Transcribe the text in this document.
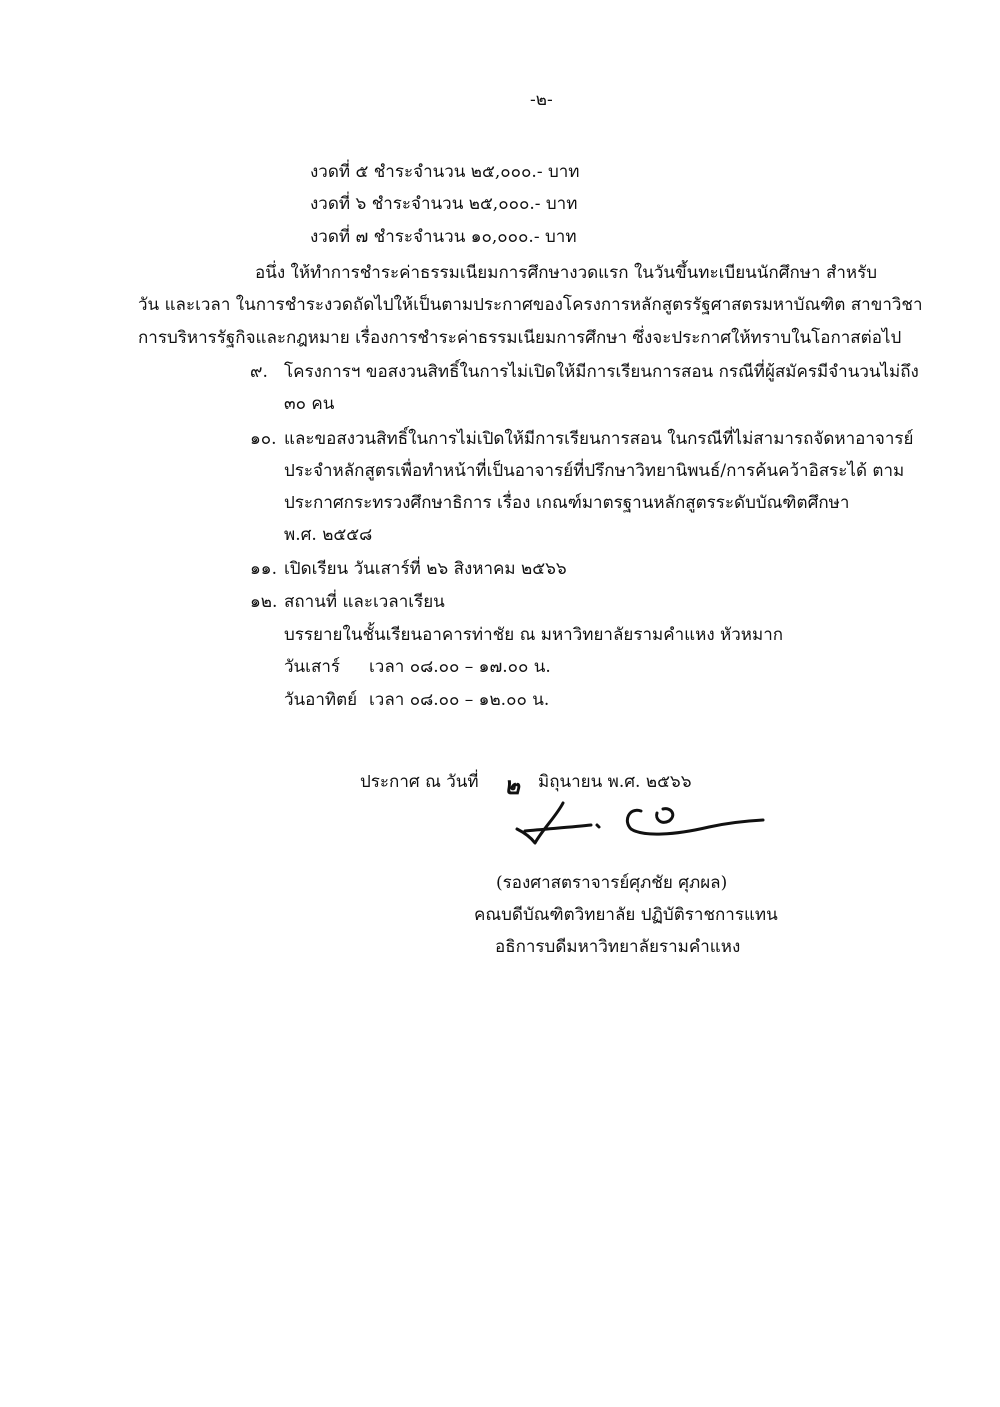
-๒-
งวดที่ ๕ ชำระจำนวน ๒๕,๐๐๐.- บาท
งวดที่ ๖ ชำระจำนวน ๒๕,๐๐๐.- บาท
งวดที่ ๗ ชำระจำนวน ๑๐,๐๐๐.- บาท
อนึ่ง ให้ทำการชำระค่าธรรมเนียมการศึกษางวดแรก ในวันขึ้นทะเบียนนักศึกษา สำหรับ
วัน และเวลา ในการชำระงวดถัดไปให้เป็นตามประกาศของโครงการหลักสูตรรัฐศาสตรมหาบัณฑิต สาขาวิชา
การบริหารรัฐกิจและกฎหมาย เรื่องการชำระค่าธรรมเนียมการศึกษา ซึ่งจะประกาศให้ทราบในโอกาสต่อไป
๙. โครงการฯ ขอสงวนสิทธิ์ในการไม่เปิดให้มีการเรียนการสอน กรณีที่ผู้สมัครมีจำนวนไม่ถึง
๓๐ คน
๑๐. และขอสงวนสิทธิ์ในการไม่เปิดให้มีการเรียนการสอน ในกรณีที่ไม่สามารถจัดหาอาจารย์
ประจำหลักสูตรเพื่อทำหน้าที่เป็นอาจารย์ที่ปรึกษาวิทยานิพนธ์/การค้นคว้าอิสระได้ ตาม
ประกาศกระทรวงศึกษาธิการ เรื่อง เกณฑ์มาตรฐานหลักสูตรระดับบัณฑิตศึกษา
พ.ศ. ๒๕๕๘
๑๑. เปิดเรียน วันเสาร์ที่ ๒๖ สิงหาคม ๒๕๖๖
๑๒. สถานที่ และเวลาเรียน
บรรยายในชั้นเรียนอาคารท่าชัย ณ มหาวิทยาลัยรามคำแหง หัวหมาก
วันเสาร์ เวลา ๐๘.๐๐ – ๑๗.๐๐ น.
วันอาทิตย์ เวลา ๐๘.๐๐ – ๑๒.๐๐ น.
ประกาศ ณ วันที่ ๒ มิถุนายน พ.ศ. ๒๕๖๖
(รองศาสตราจารย์ศุภชัย ศุภผล)
คณบดีบัณฑิตวิทยาลัย ปฏิบัติราชการแทน
อธิการบดีมหาวิทยาลัยรามคำแหง
